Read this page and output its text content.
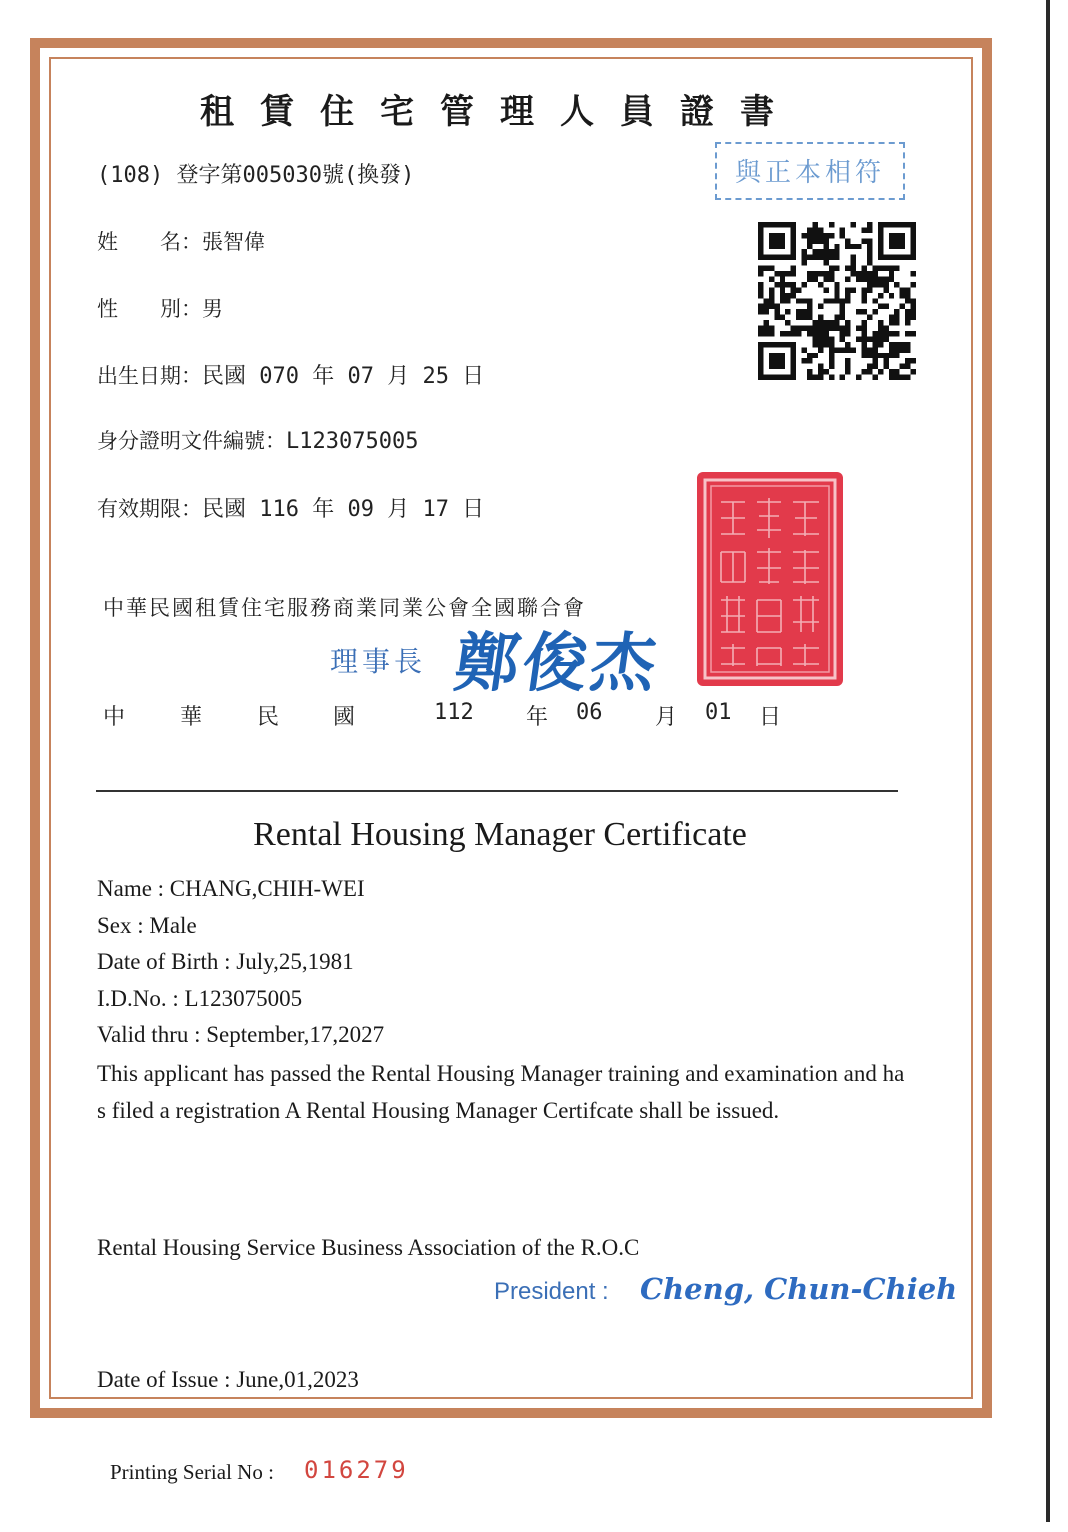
租賃住宅管理人員證書
(108) 登字第005030號(換發)	與正本相符
姓　　名：張智偉
性　　別：男
出生日期：民國 070 年 07 月 25 日
身分證明文件編號：L123075005
有效期限：民國 116 年 09 月 17 日
中華民國租賃住宅服務商業同業公會全國聯合會
理事長 鄭俊杰
中 華 民 國	112 年 06 月 01 日
Rental Housing Manager Certificate
Name : CHANG,CHIH-WEI
Sex : Male
Date of Birth : July,25,1981
I.D.No. : L123075005
Valid thru : September,17,2027
This applicant has passed the Rental Housing Manager training and examination and has filed a registration A Rental Housing Manager Certifcate shall be issued.
Rental Housing Service Business Association of the R.O.C
President : Cheng, Chun-Chieh
Date of Issue : June,01,2023
Printing Serial No : 016279
